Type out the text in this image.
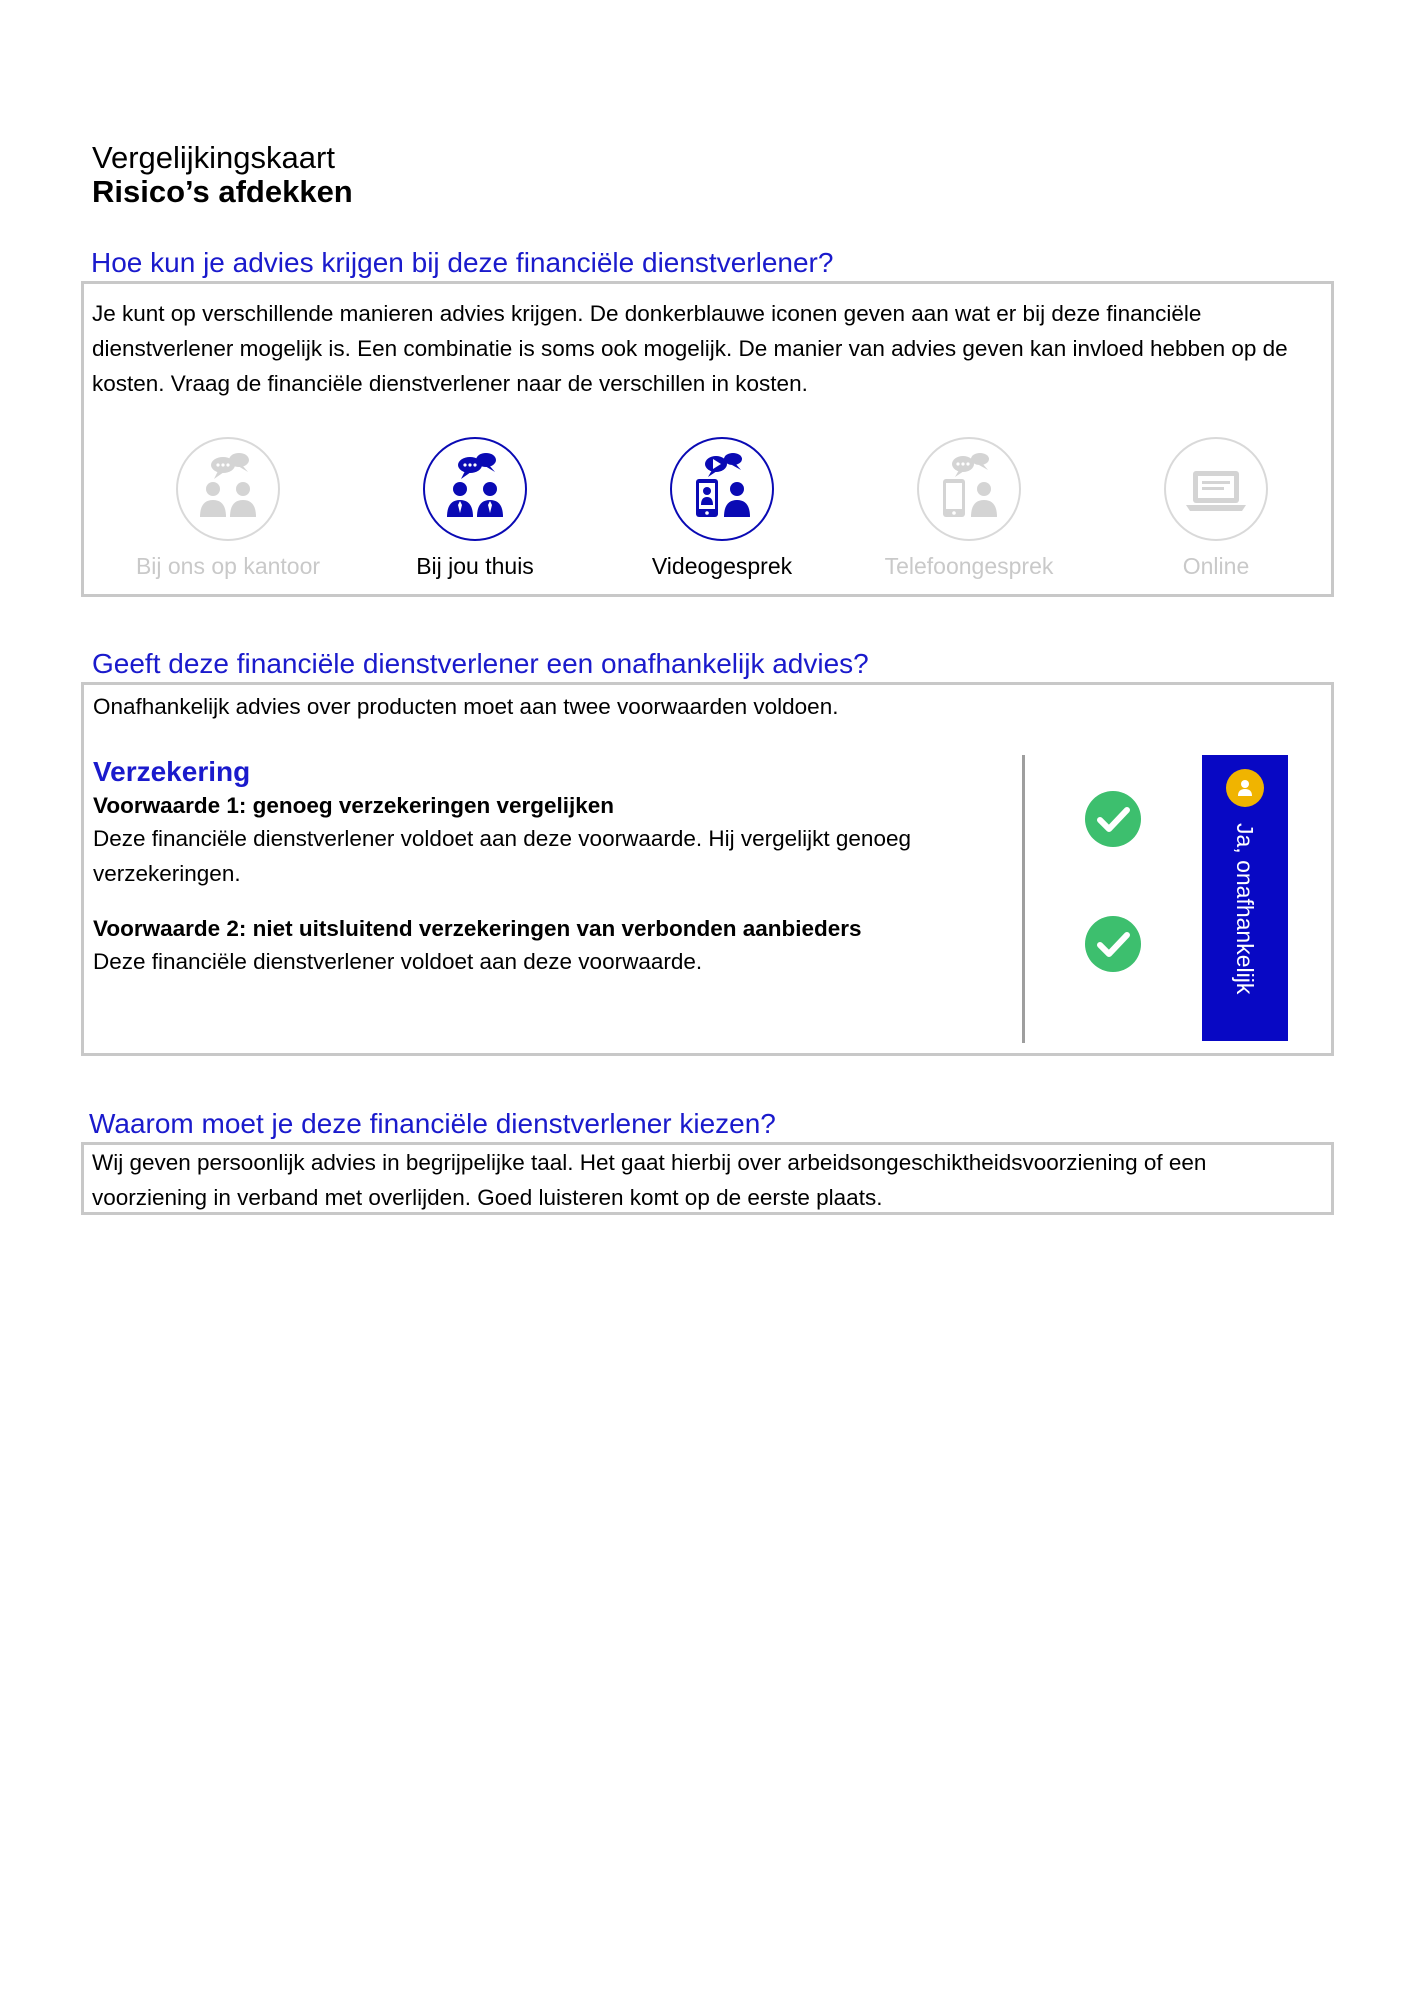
Vergelijkingskaart
Risico’s afdekken
Hoe kun je advies krijgen bij deze financiële dienstverlener?
Je kunt op verschillende manieren advies krijgen. De donkerblauwe iconen geven aan wat er bij deze financiële dienstverlener mogelijk is. Een combinatie is soms ook mogelijk. De manier van advies geven kan invloed hebben op de kosten. Vraag de financiële dienstverlener naar de verschillen in kosten.
Bij ons op kantoor	Bij jou thuis	Videogesprek	Telefoongesprek	Online
Geeft deze financiële dienstverlener een onafhankelijk advies?
Onafhankelijk advies over producten moet aan twee voorwaarden voldoen.
Verzekering
Voorwaarde 1: genoeg verzekeringen vergelijken
Deze financiële dienstverlener voldoet aan deze voorwaarde. Hij vergelijkt genoeg verzekeringen.
Voorwaarde 2: niet uitsluitend verzekeringen van verbonden aanbieders
Deze financiële dienstverlener voldoet aan deze voorwaarde.	Ja, onafhankelijk
Waarom moet je deze financiële dienstverlener kiezen?
Wij geven persoonlijk advies in begrijpelijke taal. Het gaat hierbij over arbeidsongeschiktheidsvoorziening of een voorziening in verband met overlijden. Goed luisteren komt op de eerste plaats.
